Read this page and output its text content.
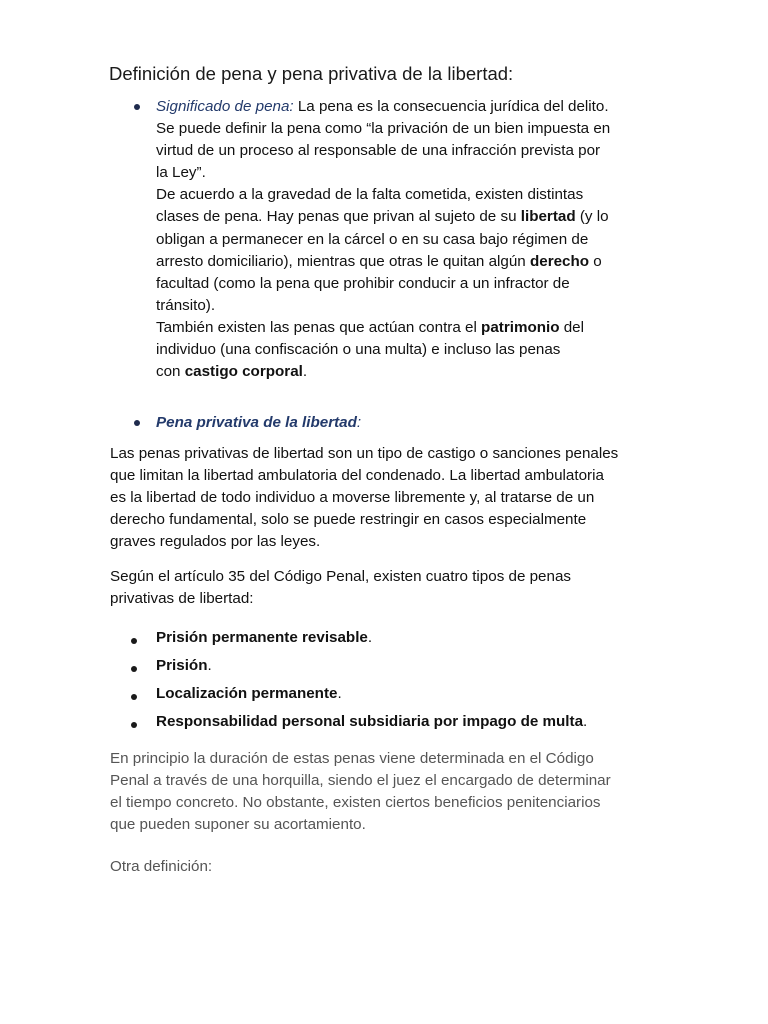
Definición de pena y pena privativa de la libertad:
Significado de pena: La pena es la consecuencia jurídica del delito.
Se puede definir la pena como “la privación de un bien impuesta en
virtud de un proceso al responsable de una infracción prevista por
la Ley”.
De acuerdo a la gravedad de la falta cometida, existen distintas
clases de pena. Hay penas que privan al sujeto de su libertad (y lo
obligan a permanecer en la cárcel o en su casa bajo régimen de
arresto domiciliario), mientras que otras le quitan algún derecho o
facultad (como la pena que prohibir conducir a un infractor de
tránsito).
También existen las penas que actúan contra el patrimonio del
individuo (una confiscación o una multa) e incluso las penas
con castigo corporal.
Pena privativa de la libertad:
Las penas privativas de libertad son un tipo de castigo o sanciones penales
que limitan la libertad ambulatoria del condenado. La libertad ambulatoria
es la libertad de todo individuo a moverse libremente y, al tratarse de un
derecho fundamental, solo se puede restringir en casos especialmente
graves regulados por las leyes.
Según el artículo 35 del Código Penal, existen cuatro tipos de penas
privativas de libertad:
Prisión permanente revisable.
Prisión.
Localización permanente.
Responsabilidad personal subsidiaria por impago de multa.
En principio la duración de estas penas viene determinada en el Código
Penal a través de una horquilla, siendo el juez el encargado de determinar
el tiempo concreto. No obstante, existen ciertos beneficios penitenciarios
que pueden suponer su acortamiento.
Otra definición:
